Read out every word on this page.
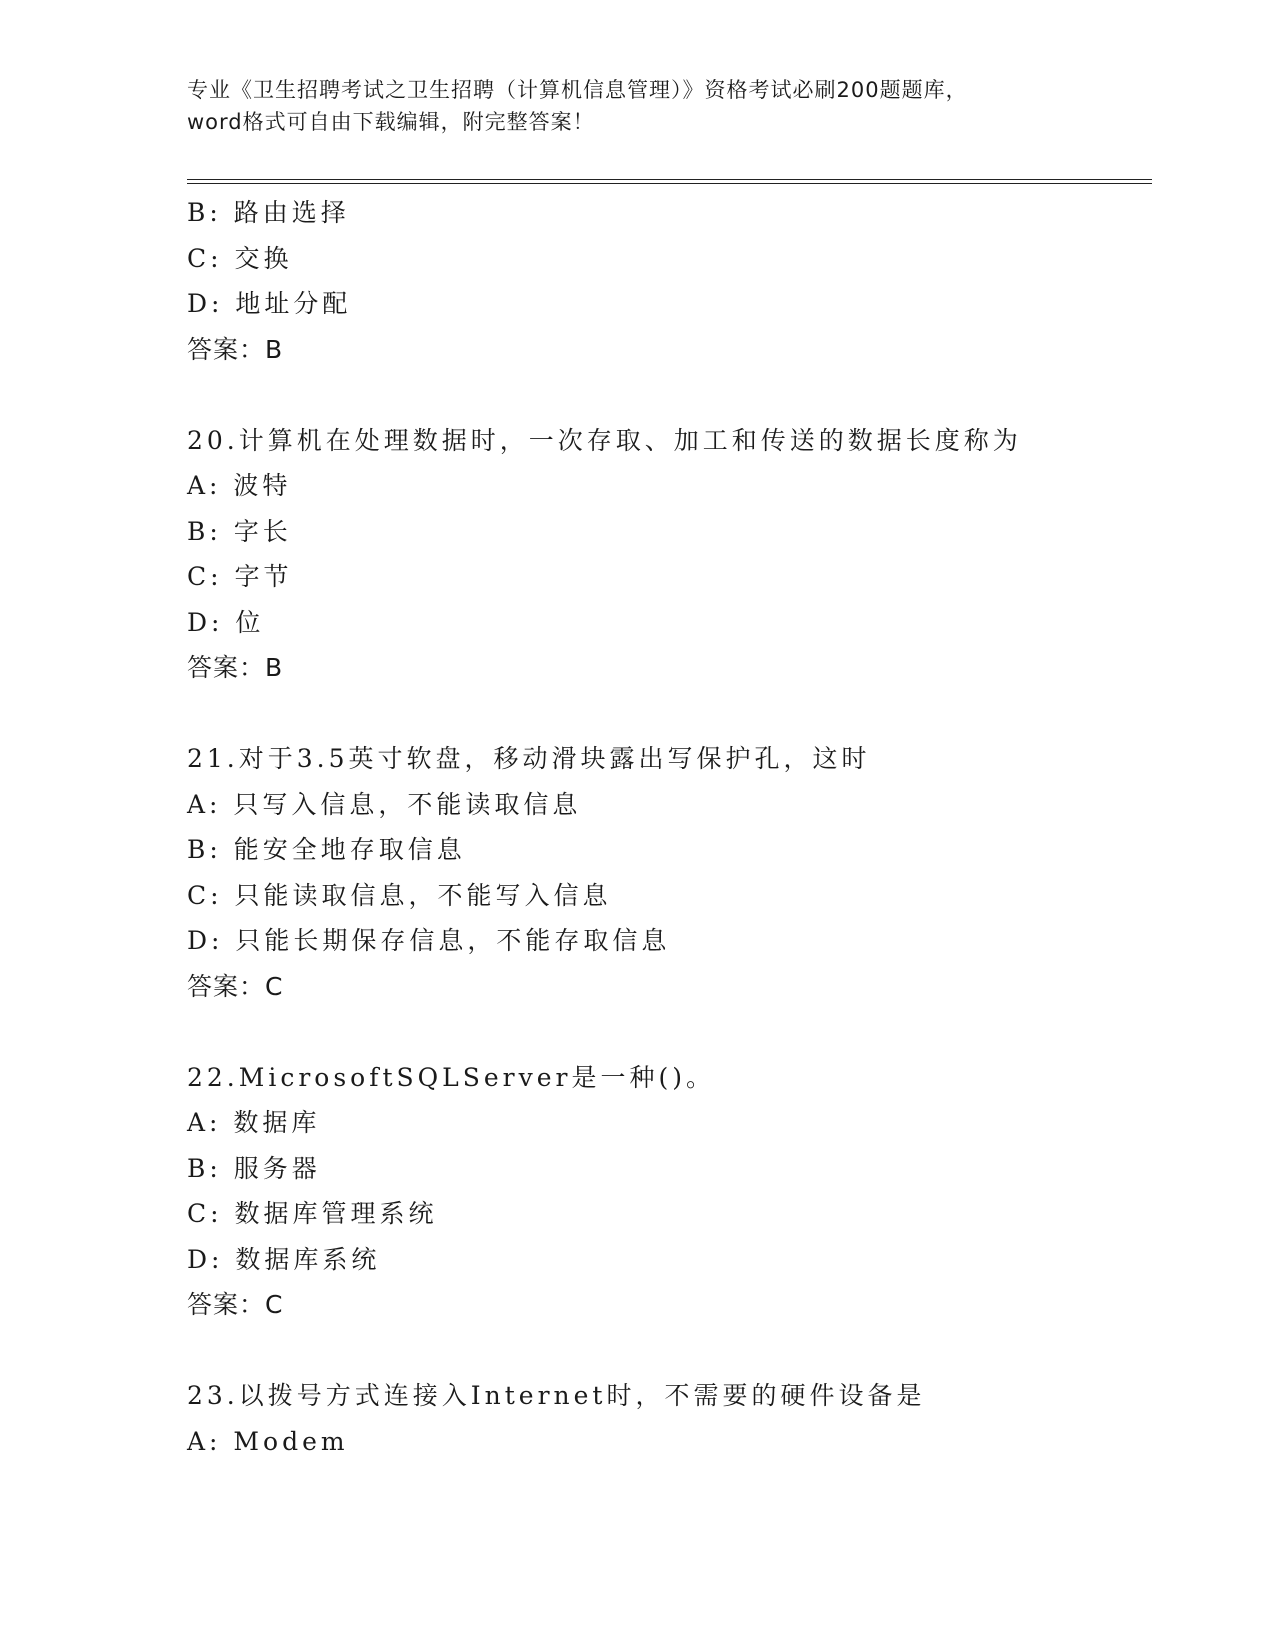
专业《卫生招聘考试之卫生招聘（计算机信息管理）》资格考试必刷200题题库，
word格式可自由下载编辑，附完整答案！
B: 路由选择
C: 交换
D: 地址分配
答案：B
20.计算机在处理数据时，一次存取、加工和传送的数据长度称为
A: 波特
B: 字长
C: 字节
D: 位
答案：B
21.对于3.5英寸软盘，移动滑块露出写保护孔，这时
A: 只写入信息，不能读取信息
B: 能安全地存取信息
C: 只能读取信息，不能写入信息
D: 只能长期保存信息，不能存取信息
答案：C
22.MicrosoftSQLServer是一种()。
A: 数据库
B: 服务器
C: 数据库管理系统
D: 数据库系统
答案：C
23.以拨号方式连接入Internet时，不需要的硬件设备是
A: Modem
